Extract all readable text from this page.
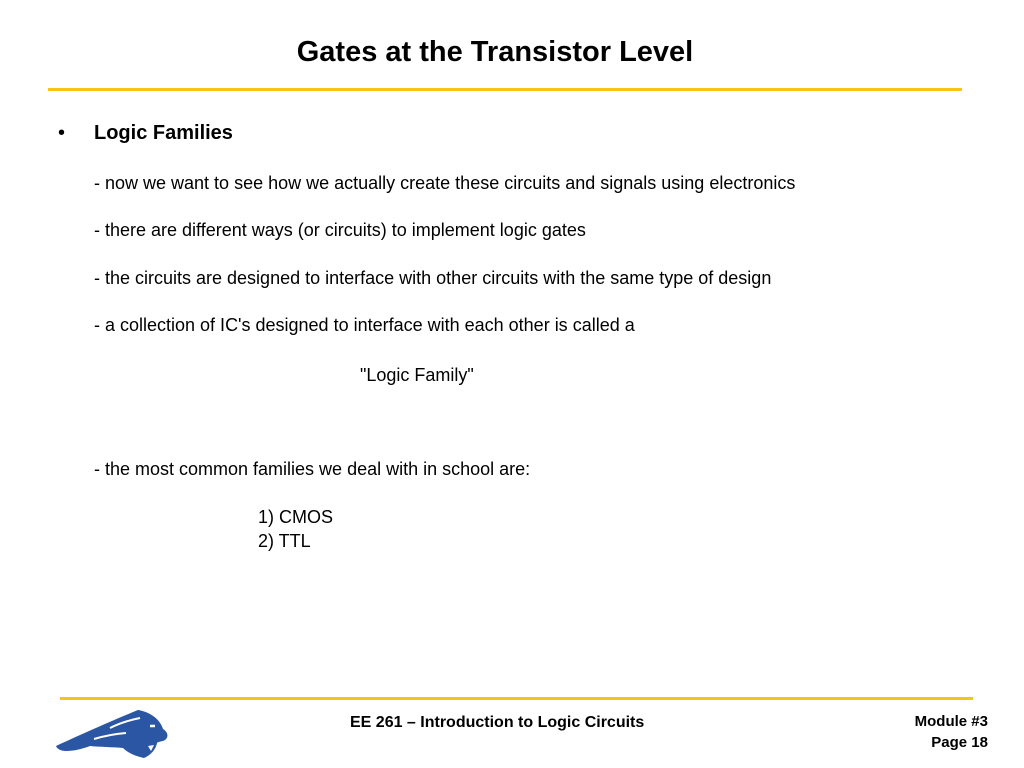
Gates at the Transistor Level
• Logic Families
- now we want to see how we actually create these circuits and signals using electronics
- there are different ways (or circuits) to implement logic gates
- the circuits are designed to interface with other circuits with the same type of design
- a collection of IC's designed to interface with each other is called a
"Logic Family"
- the most common families we deal with in school are:
1) CMOS
2) TTL
EE 261 – Introduction to Logic Circuits	Module #3
Page 18
